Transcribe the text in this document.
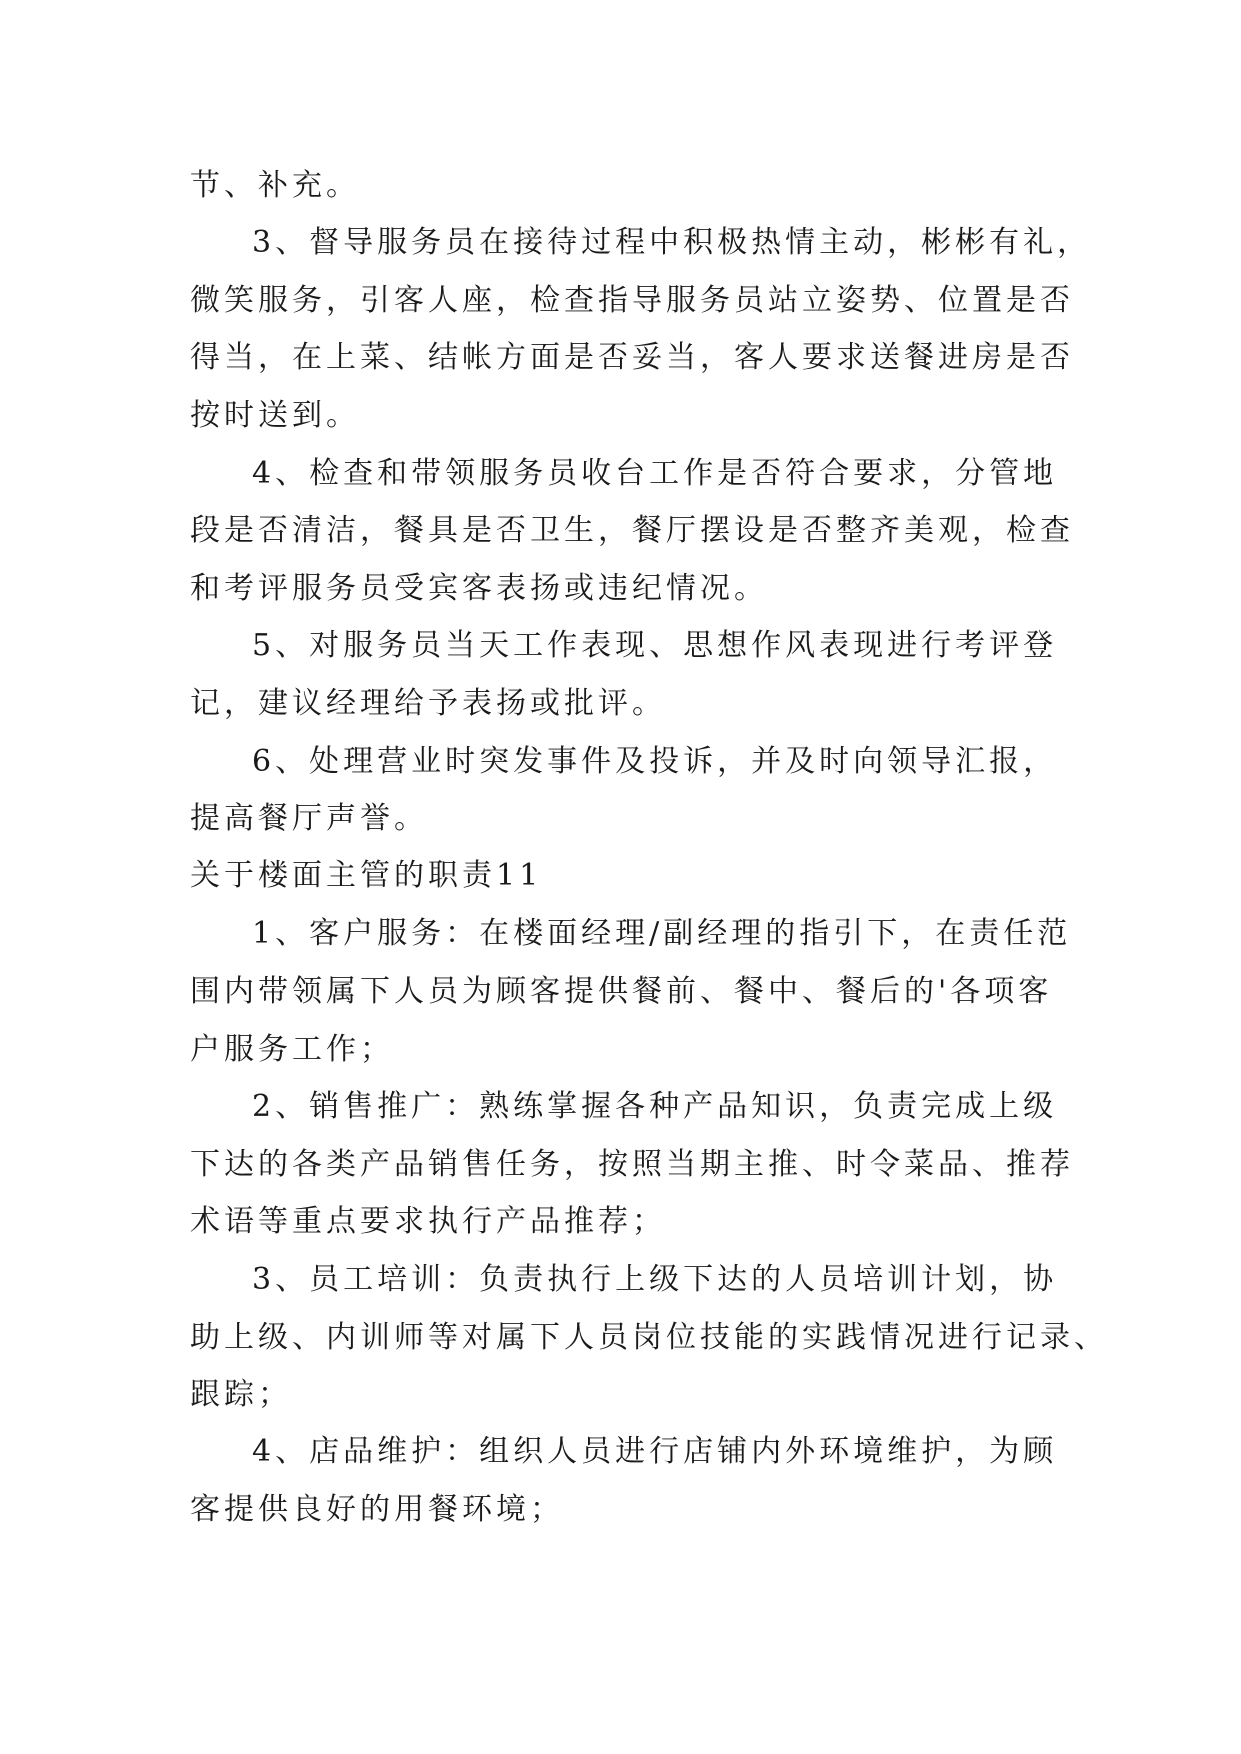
节、补充。

3、督导服务员在接待过程中积极热情主动，彬彬有礼，

微笑服务，引客人座，检查指导服务员站立姿势、位置是否

得当，在上菜、结帐方面是否妥当，客人要求送餐进房是否

按时送到。

4、检查和带领服务员收台工作是否符合要求，分管地

段是否清洁，餐具是否卫生，餐厅摆设是否整齐美观，检查

和考评服务员受宾客表扬或违纪情况。

5、对服务员当天工作表现、思想作风表现进行考评登

记，建议经理给予表扬或批评。

6、处理营业时突发事件及投诉，并及时向领导汇报，

提高餐厅声誉。

关于楼面主管的职责11

1、客户服务：在楼面经理/副经理的指引下，在责任范

围内带领属下人员为顾客提供餐前、餐中、餐后的'各项客

户服务工作；

2、销售推广：熟练掌握各种产品知识，负责完成上级

下达的各类产品销售任务，按照当期主推、时令菜品、推荐

术语等重点要求执行产品推荐；

3、员工培训：负责执行上级下达的人员培训计划，协

助上级、内训师等对属下人员岗位技能的实践情况进行记录、

跟踪；

4、店品维护：组织人员进行店铺内外环境维护，为顾

客提供良好的用餐环境；
